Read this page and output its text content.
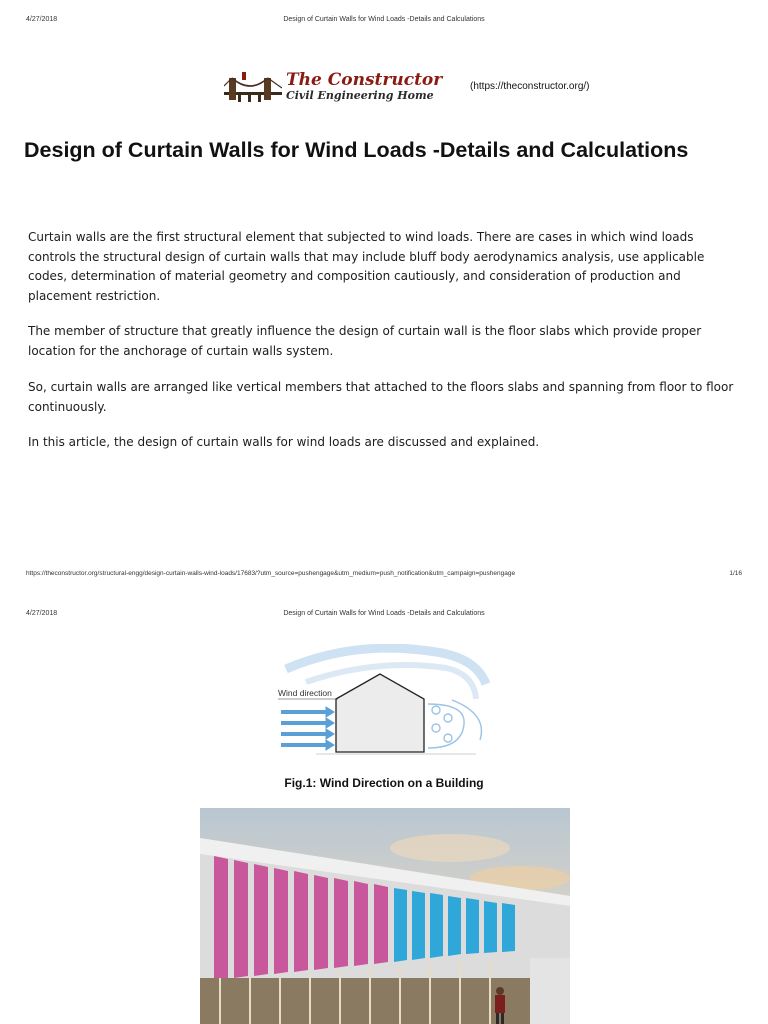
4/27/2018	Design of Curtain Walls for Wind Loads -Details and Calculations
The Constructor
Civil Engineering Home
(https://theconstructor.org/)
Design of Curtain Walls for Wind Loads -Details and Calculations

Curtain walls are the first structural element that subjected to wind loads. There are cases in which wind loads controls the structural design of curtain walls that may include bluff body aerodynamics analysis, use applicable codes, determination of material geometry and composition cautiously, and consideration of production and placement restriction.

The member of structure that greatly influence the design of curtain wall is the floor slabs which provide proper location for the anchorage of curtain walls system.

So, curtain walls are arranged like vertical members that attached to the floors slabs and spanning from floor to floor continuously.

In this article, the design of curtain walls for wind loads are discussed and explained.

https://theconstructor.org/structural-engg/design-curtain-walls-wind-loads/17683/?utm_source=pushengage&utm_medium=push_notification&utm_campaign=pushengage	1/16
4/27/2018	Design of Curtain Walls for Wind Loads -Details and Calculations
Wind direction
Fig.1: Wind Direction on a Building
